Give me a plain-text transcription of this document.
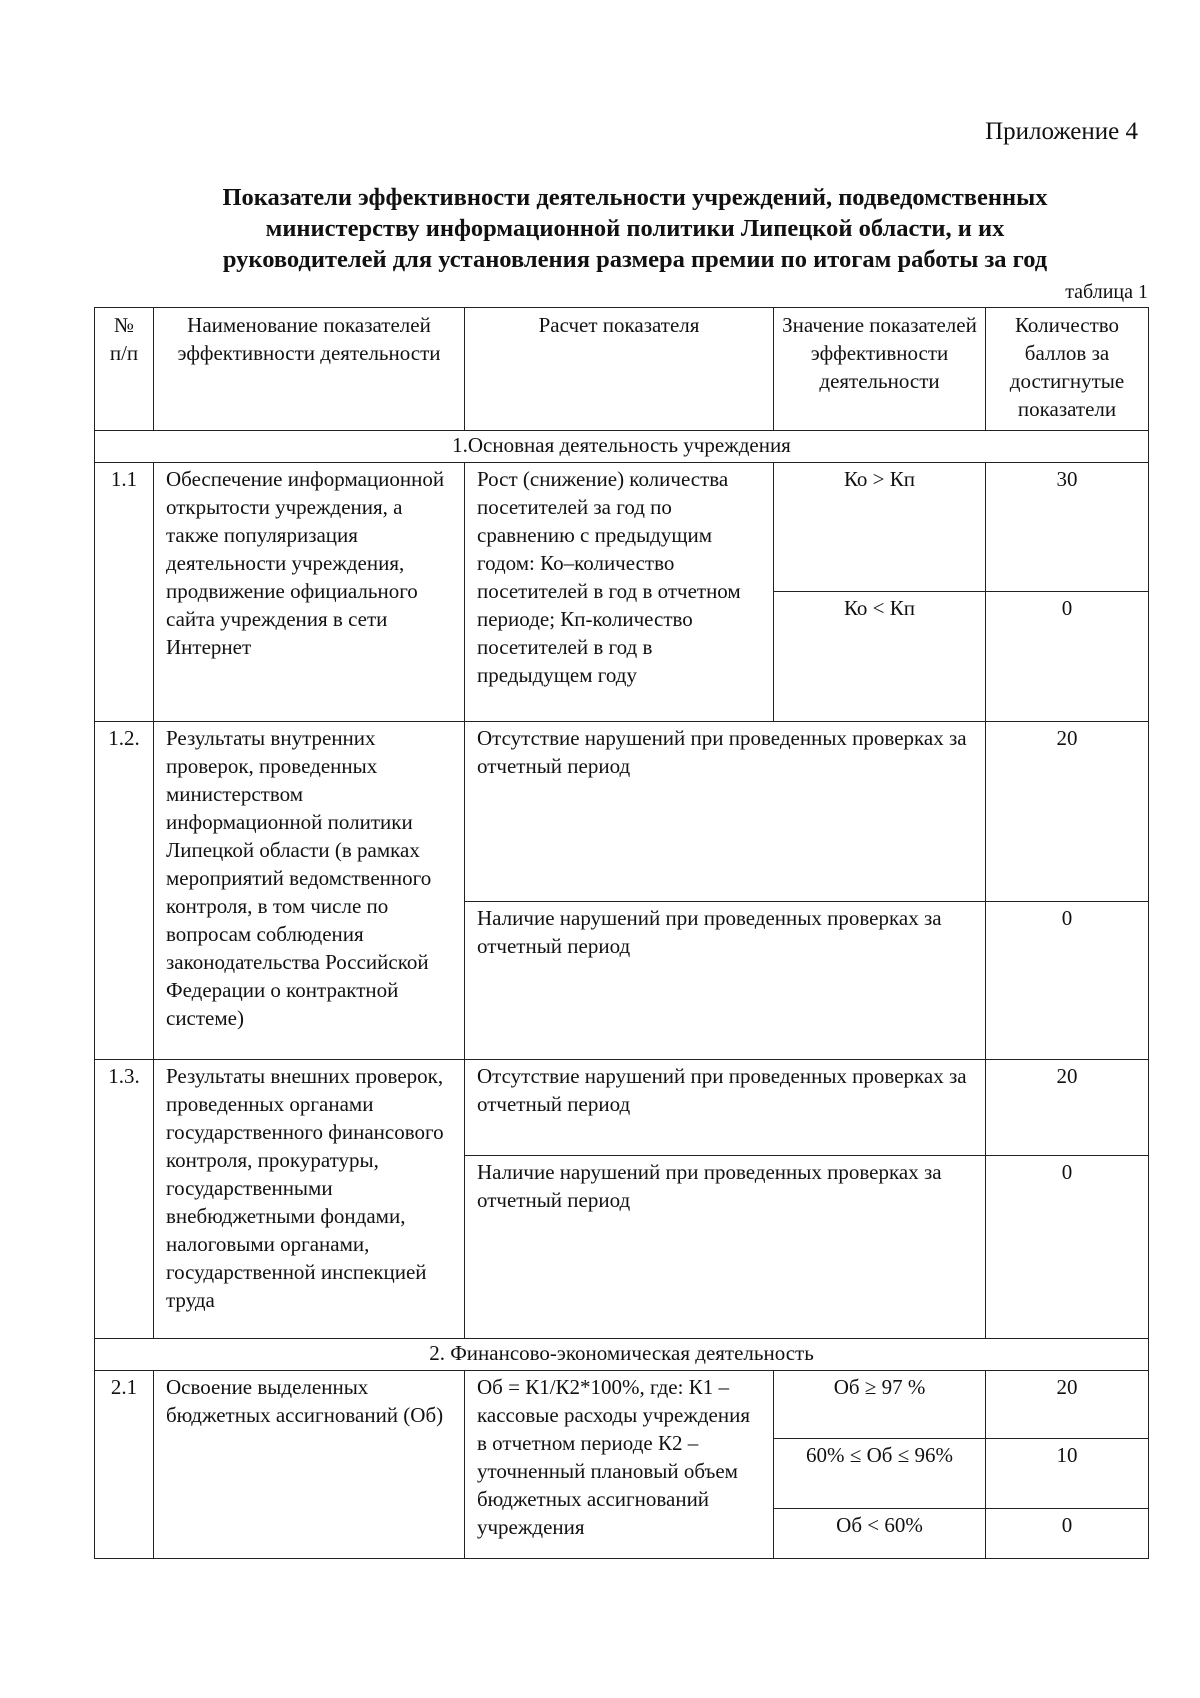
Приложение 4
Показатели эффективности деятельности учреждений, подведомственных
министерству информационной политики Липецкой области, и их
руководителей для установления размера премии по итогам работы за год
таблица 1
№ п/п	Наименование показателей эффективности деятельности	Расчет показателя	Значение показателей эффективности деятельности	Количество баллов за достигнутые показатели
1.Основная деятельность учреждения				
1.1	Обеспечение информационной открытости учреждения, а также популяризация деятельности учреждения, продвижение официального сайта учреждения в сети Интернет	Рост (снижение) количества посетителей за год по сравнению с предыдущим годом: Ко–количество посетителей в год в отчетном периоде; Кп-количество посетителей в год в предыдущем году	Ко > Кп	30
			Ко < Кп	0
1.2.	Результаты внутренних проверок, проведенных министерством информационной политики Липецкой области (в рамках мероприятий ведомственного контроля, в том числе по вопросам соблюдения законодательства Российской Федерации о контрактной системе)	Отсутствие нарушений при проведенных проверках за отчетный период		20
		Наличие нарушений при проведенных проверках за отчетный период		0
1.3.	Результаты внешних проверок, проведенных органами государственного финансового контроля, прокуратуры, государственными внебюджетными фондами, налоговыми органами, государственной инспекцией труда	Отсутствие нарушений при проведенных проверках за отчетный период		20
		Наличие нарушений при проведенных проверках за отчетный период		0
2. Финансово-экономическая деятельность				
2.1	Освоение выделенных бюджетных ассигнований (Об)	Об = К1/К2*100%, где: К1 – кассовые расходы учреждения в отчетном периоде К2 – уточненный плановый объем бюджетных ассигнований учреждения	Об ≥ 97 %	20
			60% ≤ Об ≤ 96%	10
			Об < 60%	0
